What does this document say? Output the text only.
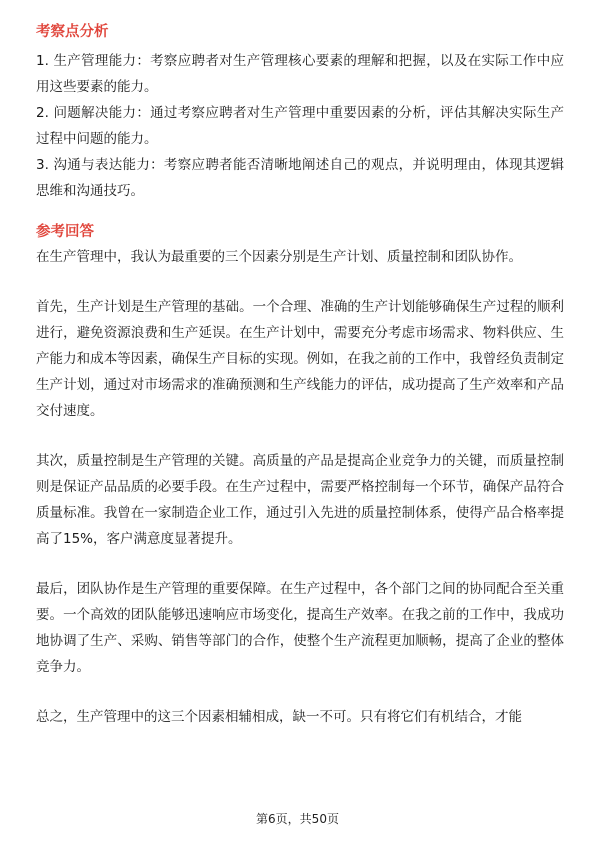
考察点分析

1. 生产管理能力：考察应聘者对生产管理核心要素的理解和把握，以及在实际工作中应用这些要素的能力。

2. 问题解决能力：通过考察应聘者对生产管理中重要因素的分析，评估其解决实际生产过程中问题的能力。

3. 沟通与表达能力：考察应聘者能否清晰地阐述自己的观点，并说明理由，体现其逻辑思维和沟通技巧。

参考回答

在生产管理中，我认为最重要的三个因素分别是生产计划、质量控制和团队协作。

首先，生产计划是生产管理的基础。一个合理、准确的生产计划能够确保生产过程的顺利进行，避免资源浪费和生产延误。在生产计划中，需要充分考虑市场需求、物料供应、生产能力和成本等因素，确保生产目标的实现。例如，在我之前的工作中，我曾经负责制定生产计划，通过对市场需求的准确预测和生产线能力的评估，成功提高了生产效率和产品交付速度。

其次，质量控制是生产管理的关键。高质量的产品是提高企业竞争力的关键，而质量控制则是保证产品品质的必要手段。在生产过程中，需要严格控制每一个环节，确保产品符合质量标准。我曾在一家制造企业工作，通过引入先进的质量控制体系，使得产品合格率提高了15%，客户满意度显著提升。

最后，团队协作是生产管理的重要保障。在生产过程中，各个部门之间的协同配合至关重要。一个高效的团队能够迅速响应市场变化，提高生产效率。在我之前的工作中，我成功地协调了生产、采购、销售等部门的合作，使整个生产流程更加顺畅，提高了企业的整体竞争力。

总之，生产管理中的这三个因素相辅相成，缺一不可。只有将它们有机结合，才能

第6页，共50页
